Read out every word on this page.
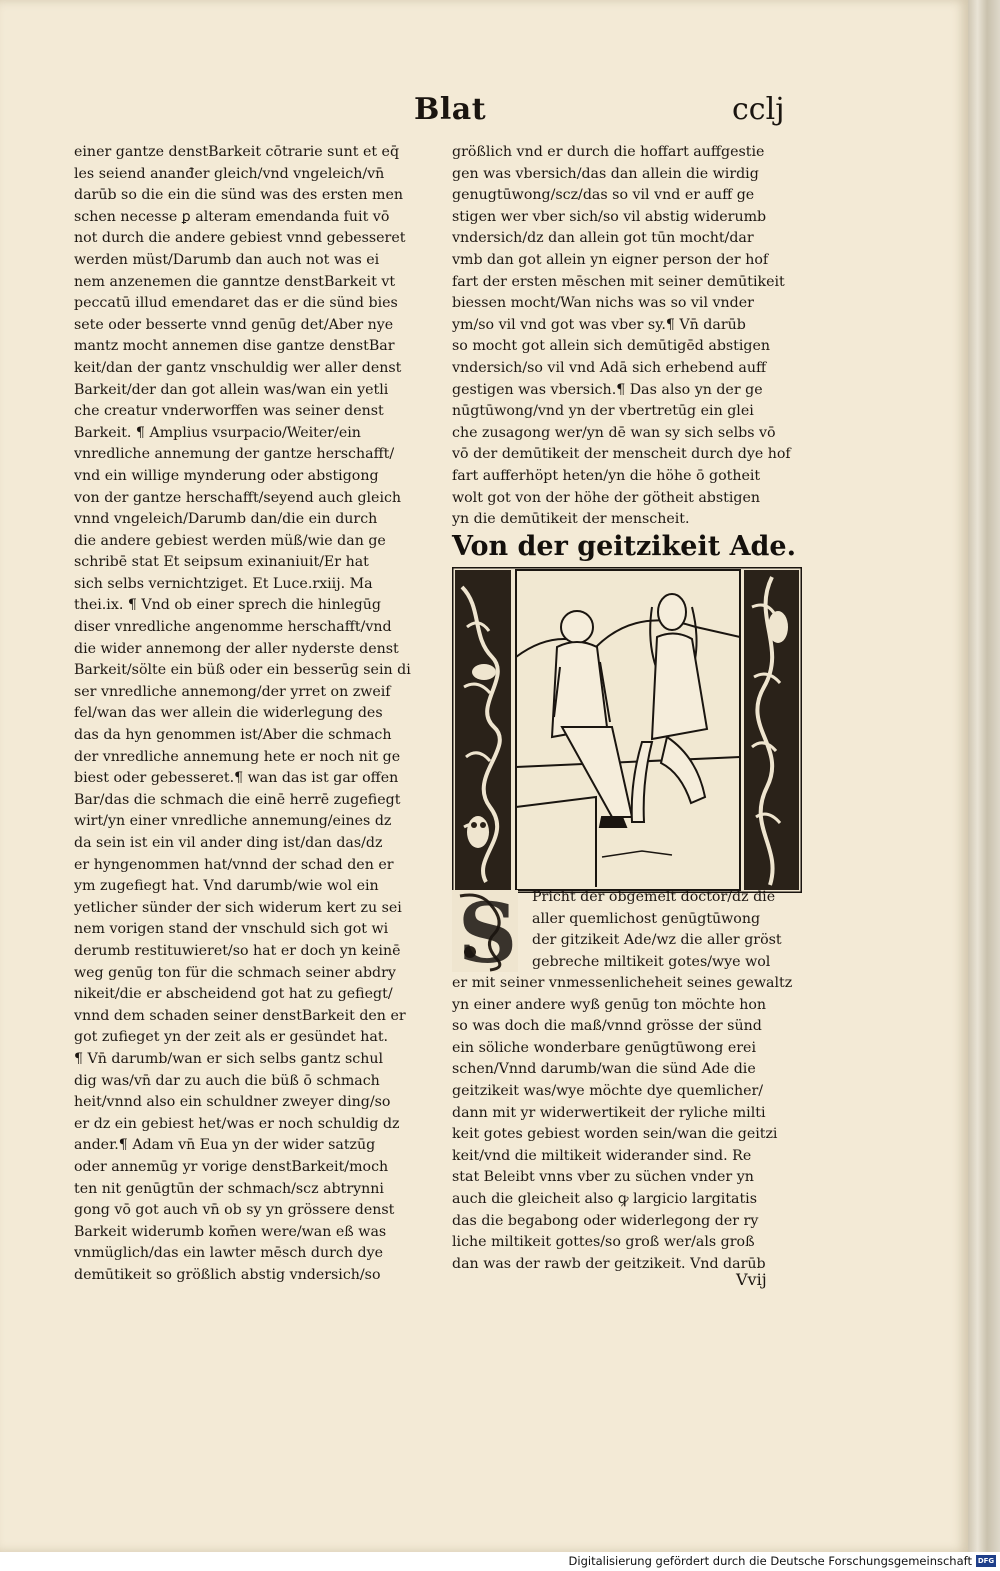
Blat	cclj
einer gantze denstBarkeit cōtrarie sunt et eq̄
les seiend ananđer gleich/vnd vngeleich/vn̄
darūb so die ein die sünd was des ersten men
schen necesse ꝑ alteram emendanda fuit vō
not durch die andere gebiest vnnd gebesseret
werden müst/Darumb dan auch not was ei
nem anzenemen die ganntze denstBarkeit vt
peccatū illud emendaret das er die sünd bies
sete oder besserte vnnd genūg det/Aber nye
mantz mocht annemen dise gantze denstBar
keit/dan der gantz vnschuldig wer aller denst
Barkeit/der dan got allein was/wan ein yetli
che creatur vnderworffen was seiner denst
Barkeit. ¶ Amplius vsurpacio/Weiter/ein
vnredliche annemung der gantze herschafft/
vnd ein willige mynderung oder abstigong
von der gantze herschafft/seyend auch gleich
vnnd vngeleich/Darumb dan/die ein durch
die andere gebiest werden müß/wie dan ge
schribē stat Et seipsum exinaniuit/Er hat
sich selbs vernichtziget. Et Luce.rxiij. Ma
thei.ix. ¶ Vnd ob einer sprech die hinlegūg
diser vnredliche angenomme herschafft/vnd
die wider annemong der aller nyderste denst
Barkeit/sölte ein büß oder ein besserūg sein di
ser vnredliche annemong/der yrret on zweif
fel/wan das wer allein die widerlegung des
das da hyn genommen ist/Aber die schmach
der vnredliche annemung hete er noch nit ge
biest oder gebesseret.¶ wan das ist gar offen
Bar/das die schmach die einē herrē zugefiegt
wirt/yn einer vnredliche annemung/eines dz
da sein ist ein vil ander ding ist/dan das/dz
er hyngenommen hat/vnnd der schad den er
ym zugefiegt hat. Vnd darumb/wie wol ein
yetlicher sünder der sich widerum kert zu sei
nem vorigen stand der vnschuld sich got wi
derumb restituwieret/so hat er doch yn keinē
weg genūg ton für die schmach seiner abdry
nikeit/die er abscheidend got hat zu gefiegt/
vnnd dem schaden seiner denstBarkeit den er
got zufieget yn der zeit als er gesündet hat.
¶ Vn̄ darumb/wan er sich selbs gantz schul
dig was/vn̄ dar zu auch die büß ō schmach
heit/vnnd also ein schuldner zweyer ding/so
er dz ein gebiest het/was er noch schuldig dz
ander.¶ Adam vn̄ Eua yn der wider satzūg
oder annemūg yr vorige denstBarkeit/moch
ten nit genūgtūn der schmach/scz abtrynni
gong vō got auch vn̄ ob sy yn grössere denst
Barkeit widerumb kom̄en were/wan eß was
vnmüglich/das ein lawter mēsch durch dye
demūtikeit so größlich abstig vndersich/so
größlich vnd er durch die hoffart auffgestie
gen was vbersich/das dan allein die wirdig
genugtūwong/scz/das so vil vnd er auff ge
stigen wer vber sich/so vil abstig widerumb
vndersich/dz dan allein got tūn mocht/dar
vmb dan got allein yn eigner person der hof
fart der ersten mēschen mit seiner demūtikeit
biessen mocht/Wan nichs was so vil vnder
ym/so vil vnd got was vber sy.¶ Vn̄ darūb
so mocht got allein sich demūtigēd abstigen
vndersich/so vil vnd Adā sich erhebend auff
gestigen was vbersich.¶ Das also yn der ge
nūgtūwong/vnd yn der vbertretūg ein glei
che zusagong wer/yn dē wan sy sich selbs vō
vō der demūtikeit der menscheit durch dye hof
fart aufferhöpt heten/yn die höhe ō gotheit
wolt got von der höhe der götheit abstigen
yn die demūtikeit der menscheit.
Von der geitzikeit Ade.
S Pricht der obgemelt doctor/dz die
aller quemlichost genūgtūwong
der gitzikeit Ade/wz die aller gröst
gebreche miltikeit gotes/wye wol
er mit seiner vnmessenlicheheit seines gewaltz
yn einer andere wyß genūg ton möchte hon
so was doch die maß/vnnd grösse der sünd
ein söliche wonderbare genūgtūwong erei
schen/Vnnd darumb/wan die sünd Ade die
geitzikeit was/wye möchte dye quemlicher/
dann mit yr widerwertikeit der ryliche milti
keit gotes gebiest worden sein/wan die geitzi
keit/vnd die miltikeit widerander sind. Re
stat Beleibt vnns vber zu süchen vnder yn
auch die gleicheit also ꝙ largicio largitatis
das die begabong oder widerlegong der ry
liche miltikeit gottes/so groß wer/als groß
dan was der rawb der geitzikeit. Vnd darūb
Vvij
Digitalisierung gefördert durch die Deutsche Forschungsgemeinschaft DFG
